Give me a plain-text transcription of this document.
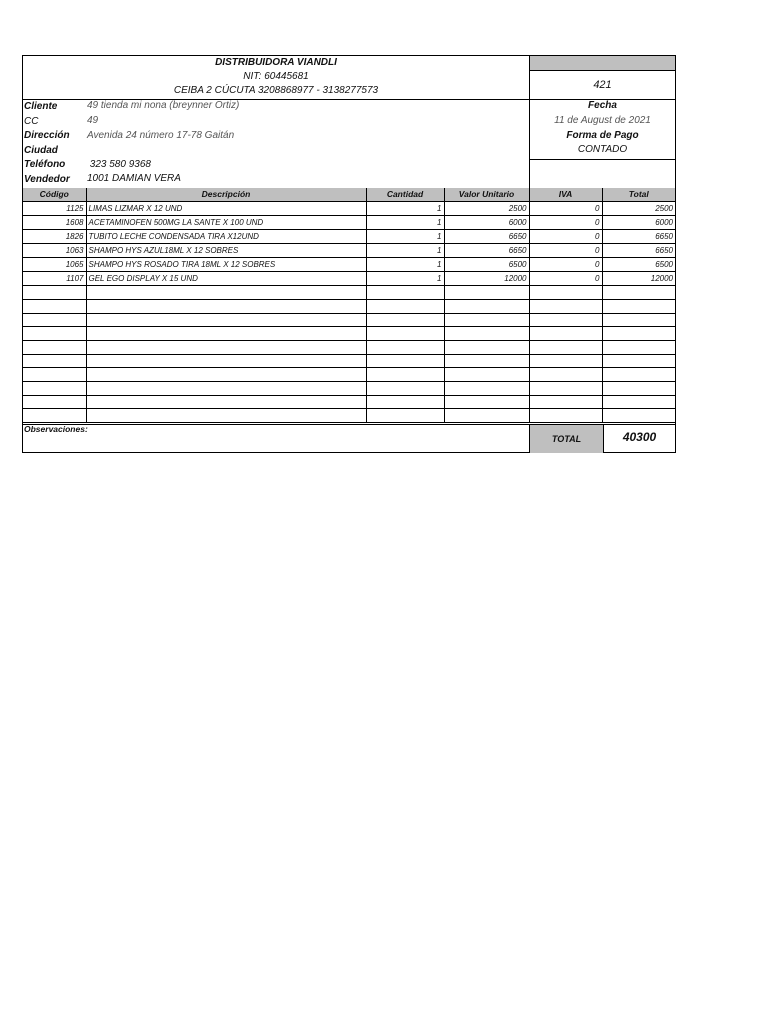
DISTRIBUIDORA VIANDLI
NIT: 60445681
CEIBA 2 CÚCUTA 3208868977 - 3138277573	421
Fecha
11 de August de 2021
Forma de Pago
CONTADO
Cliente	49 tienda mi nona (breynner Ortiz)
CC	49
Dirección Avenida 24 número 17-78 Gaitán
Ciudad
Teléfono 323 580 9368
Vendedor 1001 DAMIAN VERA
Código	Descripción	Cantidad	Valor Unitario	IVA	Total
1125	LIMAS LIZMAR X 12 UND	1	2500	0	2500
1608	ACETAMINOFEN 500MG LA SANTE X 100 UND	1	6000	0	6000
1826	TUBITO LECHE CONDENSADA TIRA X12UND	1	6650	0	6650
1063	SHAMPO HYS AZUL18ML X 12 SOBRES	1	6650	0	6650
1065	SHAMPO HYS ROSADO TIRA 18ML X 12 SOBRES	1	6500	0	6500
1107	GEL EGO DISPLAY X 15 UND	1	12000	0	12000

Observaciones:
TOTAL	40300
